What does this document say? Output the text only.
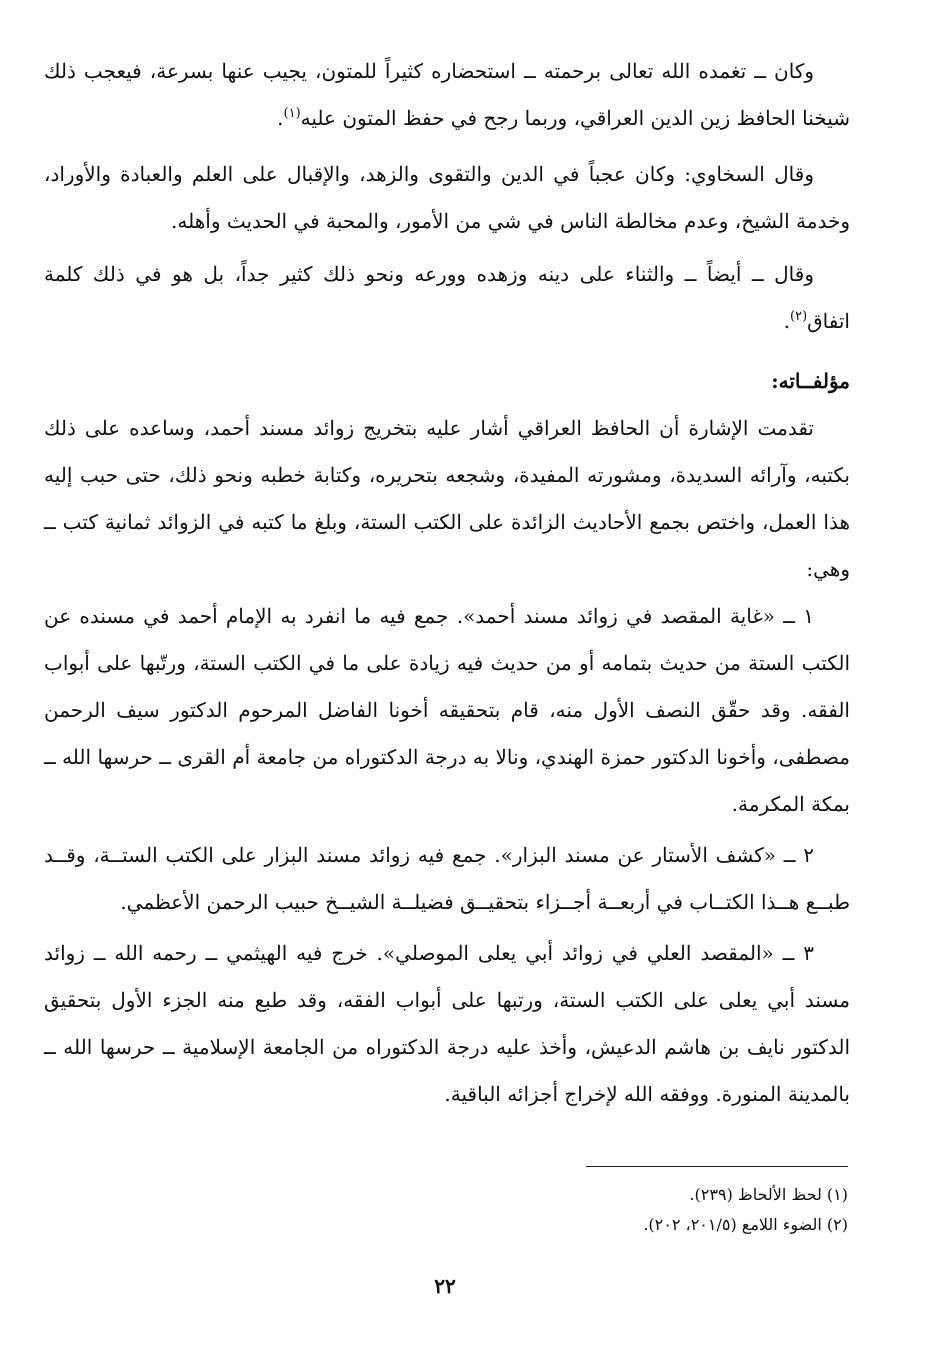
وكان ــ تغمده الله تعالى برحمته ــ استحضاره كثيراً للمتون، يجيب عنها بسرعة، فيعجب ذلك شيخنا الحافظ زين الدين العراقي، وربما رجح في حفظ المتون عليه$^{(١)}$.

وقال السخاوي: وكان عجباً في الدين والتقوى والزهد، والإقبال على العلم والعبادة والأوراد، وخدمة الشيخ، وعدم مخالطة الناس في شي من الأمور، والمحبة في الحديث وأهله.

وقال ــ أيضاً ــ والثناء على دينه وزهده وورعه ونحو ذلك كثير جداً، بل هو في ذلك كلمة اتفاق$^{(٢)}$.

مؤلفــاته:

تقدمت الإشارة أن الحافظ العراقي أشار عليه بتخريج زوائد مسند أحمد، وساعده على ذلك بكتبه، وآرائه السديدة، ومشورته المفيدة، وشجعه بتحريره، وكتابة خطبه ونحو ذلك، حتى حبب إليه هذا العمل، واختص بجمع الأحاديث الزائدة على الكتب الستة، وبلغ ما كتبه في الزوائد ثمانية كتب ــ وهي:

١ ــ «غاية المقصد في زوائد مسند أحمد». جمع فيه ما انفرد به الإمام أحمد في مسنده عن الكتب الستة من حديث بتمامه أو من حديث فيه زيادة على ما في الكتب الستة، ورتّبها على أبواب الفقه. وقد حقّق النصف الأول منه، قام بتحقيقه أخونا الفاضل المرحوم الدكتور سيف الرحمن مصطفى، وأخونا الدكتور حمزة الهندي، ونالا به درجة الدكتوراه من جامعة أم القرى ــ حرسها الله ــ بمكة المكرمة.

٢ ــ «كشف الأستار عن مسند البزار». جمع فيه زوائد مسند البزار على الكتب الستــة، وقــد طبــع هــذا الكتــاب في أربعــة أجــزاء بتحقيــق فضيلــة الشيــخ حبيب الرحمن الأعظمي.

٣ ــ «المقصد العلي في زوائد أبي يعلى الموصلي». خرج فيه الهيثمي ــ رحمه الله ــ زوائد مسند أبي يعلى على الكتب الستة، ورتبها على أبواب الفقه، وقد طبع منه الجزء الأول بتحقيق الدكتور نايف بن هاشم الدعيش، وأخذ عليه درجة الدكتوراه من الجامعة الإسلامية ــ حرسها الله ــ بالمدينة المنورة. ووفقه الله لإخراج أجزائه الباقية.

(١) لحظ الألحاظ (٢٣٩).

(٢) الضوء اللامع (٢٠١/٥، ٢٠٢).

٢٢
